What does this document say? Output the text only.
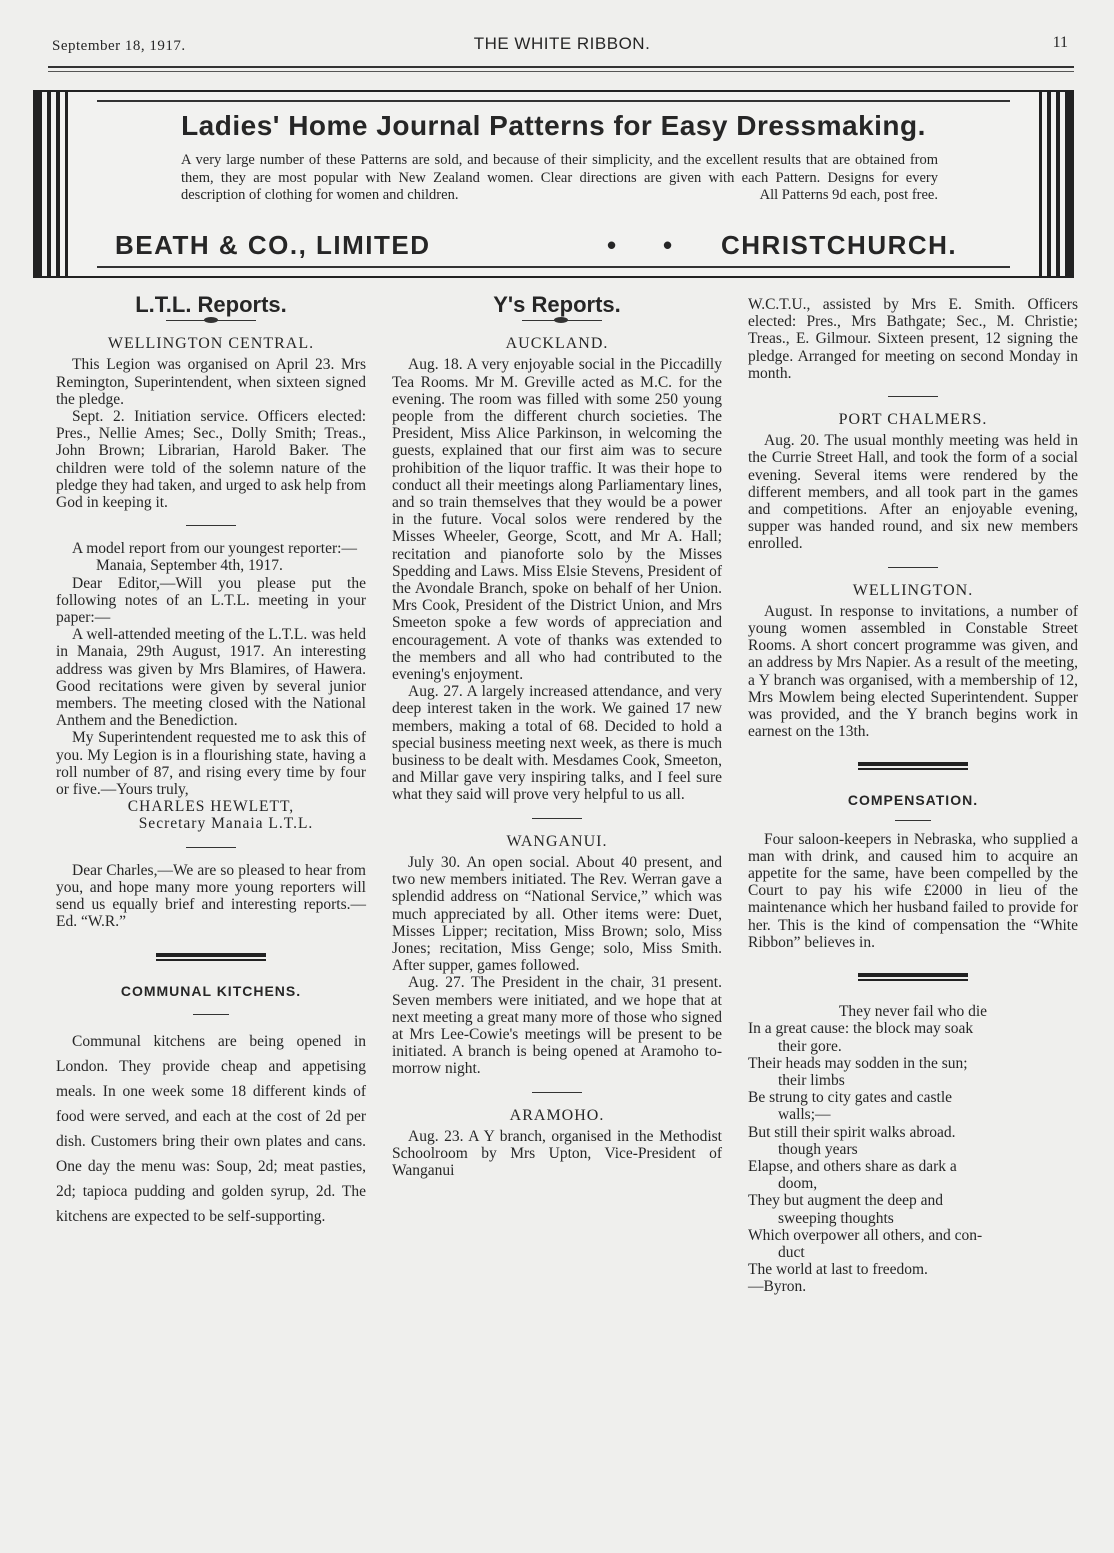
September 18, 1917.	THE WHITE RIBBON.	11
Ladies' Home Journal Patterns for Easy Dressmaking.
A very large number of these Patterns are sold, and because of their simplicity, and the excellent results that are obtained from them, they are most popular with New Zealand women. Clear directions are given with each Pattern. Designs for every description of clothing for women and children.	All Patterns 9d each, post free.
BEATH & CO., LIMITED	• • CHRISTCHURCH.
L.T.L. Reports.
WELLINGTON CENTRAL.

This Legion was organised on April 23. Mrs Remington, Superintendent, when sixteen signed the pledge.

Sept. 2. Initiation service. Officers elected: Pres., Nellie Ames; Sec., Dolly Smith; Treas., John Brown; Librarian, Harold Baker. The children were told of the solemn nature of the pledge they had taken, and urged to ask help from God in keeping it.

A model report from our youngest reporter:—

Manaia, September 4th, 1917.

Dear Editor,—Will you please put the following notes of an L.T.L. meeting in your paper:—

A well-attended meeting of the L.T.L. was held in Manaia, 29th August, 1917. An interesting address was given by Mrs Blamires, of Hawera. Good recitations were given by several junior members. The meeting closed with the National Anthem and the Benediction.

My Superintendent requested me to ask this of you. My Legion is in a flourishing state, having a roll number of 87, and rising every time by four or five.—Yours truly,

CHARLES HEWLETT,
Secretary Manaia L.T.L.

Dear Charles,—We are so pleased to hear from you, and hope many more young reporters will send us equally brief and interesting reports.—Ed. “W.R.”

COMMUNAL KITCHENS.

Communal kitchens are being opened in London. They provide cheap and appetising meals. In one week some 18 different kinds of food were served, and each at the cost of 2d per dish. Customers bring their own plates and cans. One day the menu was: Soup, 2d; meat pasties, 2d; tapioca pudding and golden syrup, 2d. The kitchens are expected to be self-supporting.

Y's Reports.
AUCKLAND.

Aug. 18. A very enjoyable social in the Piccadilly Tea Rooms. Mr M. Greville acted as M.C. for the evening. The room was filled with some 250 young people from the different church societies. The President, Miss Alice Parkinson, in welcoming the guests, explained that our first aim was to secure prohibition of the liquor traffic. It was their hope to conduct all their meetings along Parliamentary lines, and so train themselves that they would be a power in the future. Vocal solos were rendered by the Misses Wheeler, George, Scott, and Mr A. Hall; recitation and pianoforte solo by the Misses Spedding and Laws. Miss Elsie Stevens, President of the Avondale Branch, spoke on behalf of her Union. Mrs Cook, President of the District Union, and Mrs Smeeton spoke a few words of appreciation and encouragement. A vote of thanks was extended to the members and all who had contributed to the evening's enjoyment.

Aug. 27. A largely increased attendance, and very deep interest taken in the work. We gained 17 new members, making a total of 68. Decided to hold a special business meeting next week, as there is much business to be dealt with. Mesdames Cook, Smeeton, and Millar gave very inspiring talks, and I feel sure what they said will prove very helpful to us all.

WANGANUI.

July 30. An open social. About 40 present, and two new members initiated. The Rev. Werran gave a splendid address on “National Service,” which was much appreciated by all. Other items were: Duet, Misses Lipper; recitation, Miss Brown; solo, Miss Jones; recitation, Miss Genge; solo, Miss Smith. After supper, games followed.

Aug. 27. The President in the chair, 31 present. Seven members were initiated, and we hope that at next meeting a great many more of those who signed at Mrs Lee-Cowie's meetings will be present to be initiated. A branch is being opened at Aramoho to-morrow night.

ARAMOHO.

Aug. 23. A Y branch, organised in the Methodist Schoolroom by Mrs Upton, Vice-President of Wanganui

W.C.T.U., assisted by Mrs E. Smith. Officers elected: Pres., Mrs Bathgate; Sec., M. Christie; Treas., E. Gilmour. Sixteen present, 12 signing the pledge. Arranged for meeting on second Monday in month.

PORT CHALMERS.

Aug. 20. The usual monthly meeting was held in the Currie Street Hall, and took the form of a social evening. Several items were rendered by the different members, and all took part in the games and competitions. After an enjoyable evening, supper was handed round, and six new members enrolled.

WELLINGTON.

August. In response to invitations, a number of young women assembled in Constable Street Rooms. A short concert programme was given, and an address by Mrs Napier. As a result of the meeting, a Y branch was organised, with a membership of 12, Mrs Mowlem being elected Superintendent. Supper was provided, and the Y branch begins work in earnest on the 13th.

COMPENSATION.

Four saloon-keepers in Nebraska, who supplied a man with drink, and caused him to acquire an appetite for the same, have been compelled by the Court to pay his wife £2000 in lieu of the maintenance which her husband failed to provide for her. This is the kind of compensation the “White Ribbon” believes in.

They never fail who die

In a great cause: the block may soak

their gore.

Their heads may sodden in the sun;

their limbs

Be strung to city gates and castle

walls;—

But still their spirit walks abroad.

though years

Elapse, and others share as dark a

doom,

They but augment the deep and

sweeping thoughts

Which overpower all others, and con-

duct

The world at last to freedom.

—Byron.
